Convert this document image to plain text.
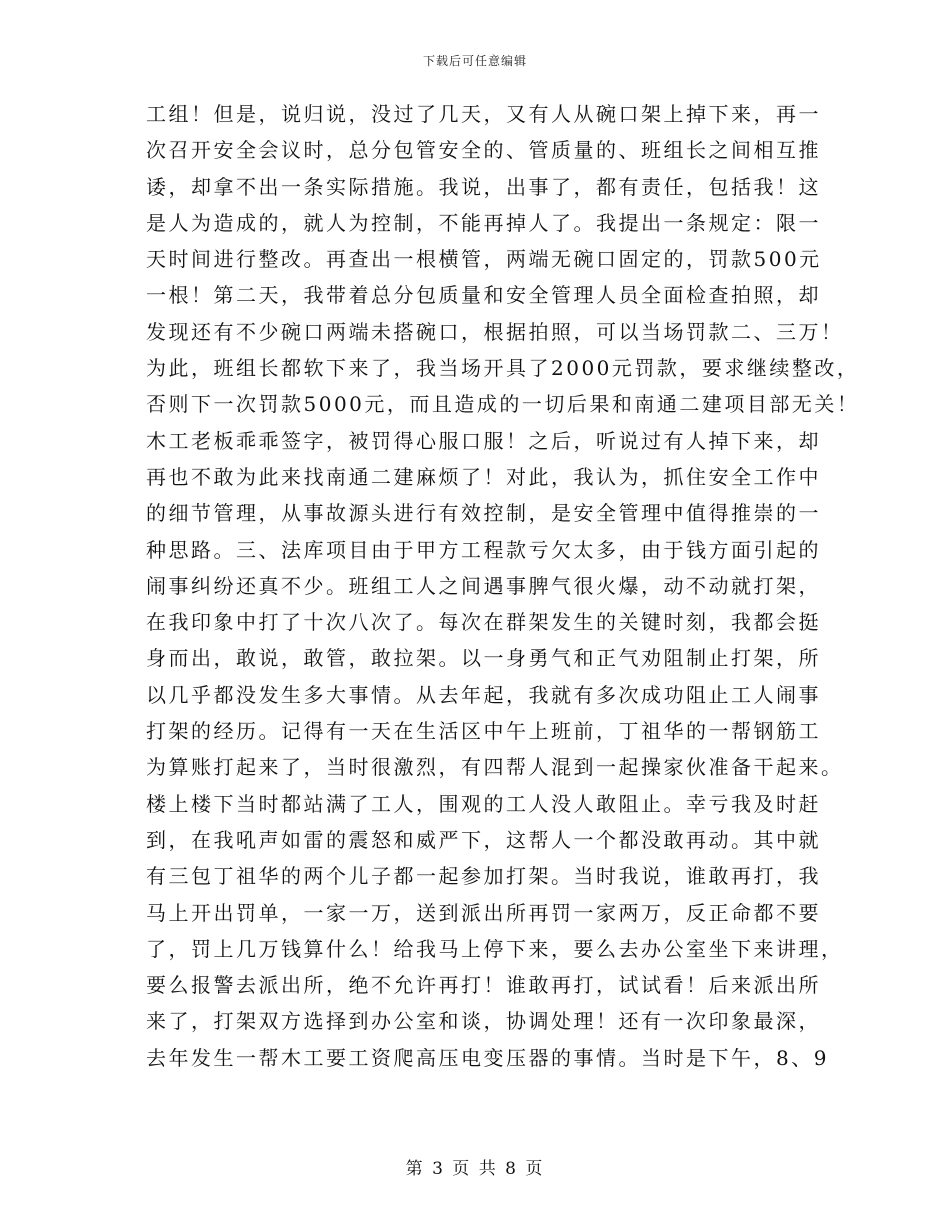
下载后可任意编辑
工组！但是，说归说，没过了几天，又有人从碗口架上掉下来，再一
次召开安全会议时，总分包管安全的、管质量的、班组长之间相互推
诿，却拿不出一条实际措施。我说，出事了，都有责任，包括我！这
是人为造成的，就人为控制，不能再掉人了。我提出一条规定：限一
天时间进行整改。再查出一根横管，两端无碗口固定的，罚款500元
一根！第二天，我带着总分包质量和安全管理人员全面检查拍照，却
发现还有不少碗口两端未搭碗口，根据拍照，可以当场罚款二、三万！
为此，班组长都软下来了，我当场开具了2000元罚款，要求继续整改，
否则下一次罚款5000元，而且造成的一切后果和南通二建项目部无关！
木工老板乖乖签字，被罚得心服口服！之后，听说过有人掉下来，却
再也不敢为此来找南通二建麻烦了！对此，我认为，抓住安全工作中
的细节管理，从事故源头进行有效控制，是安全管理中值得推崇的一
种思路。三、法库项目由于甲方工程款亏欠太多，由于钱方面引起的
闹事纠纷还真不少。班组工人之间遇事脾气很火爆，动不动就打架，
在我印象中打了十次八次了。每次在群架发生的关键时刻，我都会挺
身而出，敢说，敢管，敢拉架。以一身勇气和正气劝阻制止打架，所
以几乎都没发生多大事情。从去年起，我就有多次成功阻止工人闹事
打架的经历。记得有一天在生活区中午上班前，丁祖华的一帮钢筋工
为算账打起来了，当时很激烈，有四帮人混到一起操家伙准备干起来。
楼上楼下当时都站满了工人，围观的工人没人敢阻止。幸亏我及时赶
到，在我吼声如雷的震怒和威严下，这帮人一个都没敢再动。其中就
有三包丁祖华的两个儿子都一起参加打架。当时我说，谁敢再打，我
马上开出罚单，一家一万，送到派出所再罚一家两万，反正命都不要
了，罚上几万钱算什么！给我马上停下来，要么去办公室坐下来讲理，
要么报警去派出所，绝不允许再打！谁敢再打，试试看！后来派出所
来了，打架双方选择到办公室和谈，协调处理！还有一次印象最深，
去年发生一帮木工要工资爬高压电变压器的事情。当时是下午，8、9
第 3 页 共 8 页
